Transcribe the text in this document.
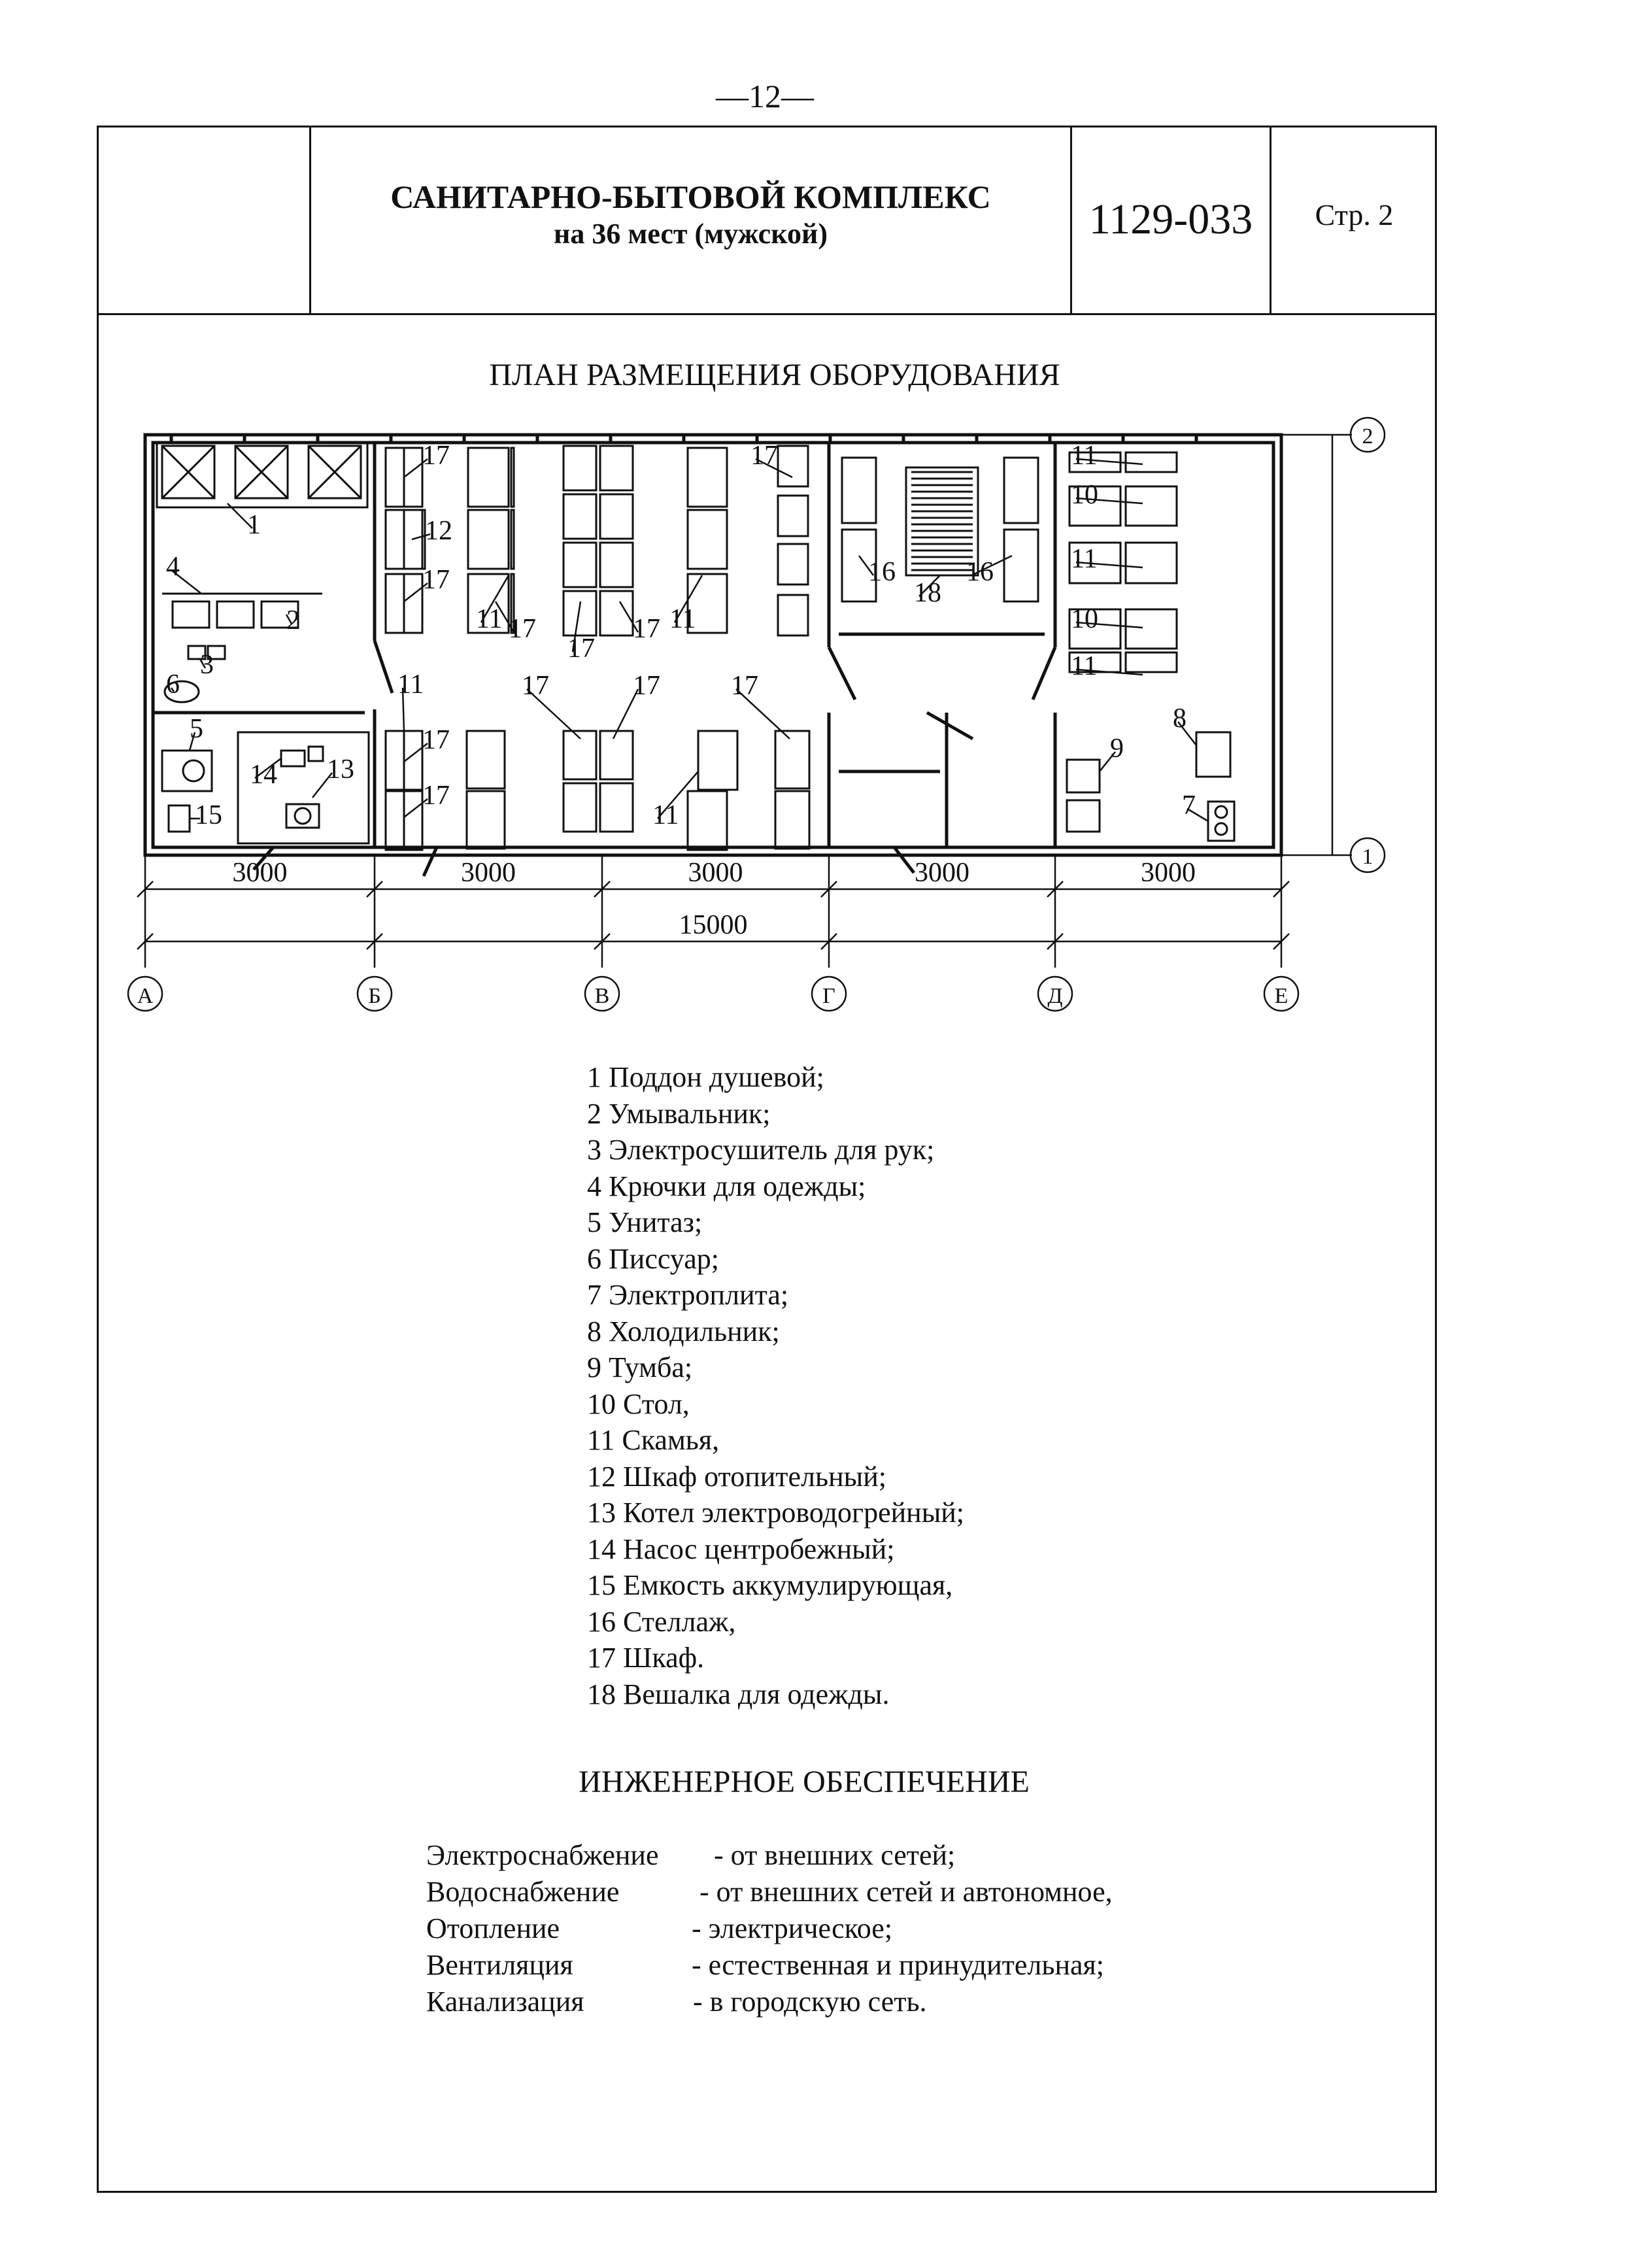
—12—
САНИТАРНО-БЫТОВОЙ КОМПЛЕКС
на 36 мест (мужской)	1129-033	Стр. 2
ПЛАН РАЗМЕЩЕНИЯ ОБОРУДОВАНИЯ
1
2
3
4
5
6
7
8
9
10
10
11
11
11
11	11
11
11
12
13
14
15
16	16
17
17
17
17
17
17
17
17
17	17	17
18
3000	3000	3000	3000	3000
15000
А	Б	В	Г	Д	Е
2
1
1 Поддон душевой;
2 Умывальник;
3 Электросушитель для рук;
4 Крючки для одежды;
5 Унитаз;
6 Писсуар;
7 Электроплита;
8 Холодильник;
9 Тумба;
10 Стол,
11 Скамья,
12 Шкаф отопительный;
13 Котел электроводогрейный;
14 Насос центробежный;
15 Емкость аккумулирующая,
16 Стеллаж,
17 Шкаф.
18 Вешалка для одежды.
ИНЖЕНЕРНОЕ ОБЕСПЕЧЕНИЕ
Электроснабжение - от внешних сетей;
Водоснабжение	- от внешних сетей и автономное,
Отопление	- электрическое;
Вентиляция	- естественная и принудительная;
Канализация	- в городскую сеть.
